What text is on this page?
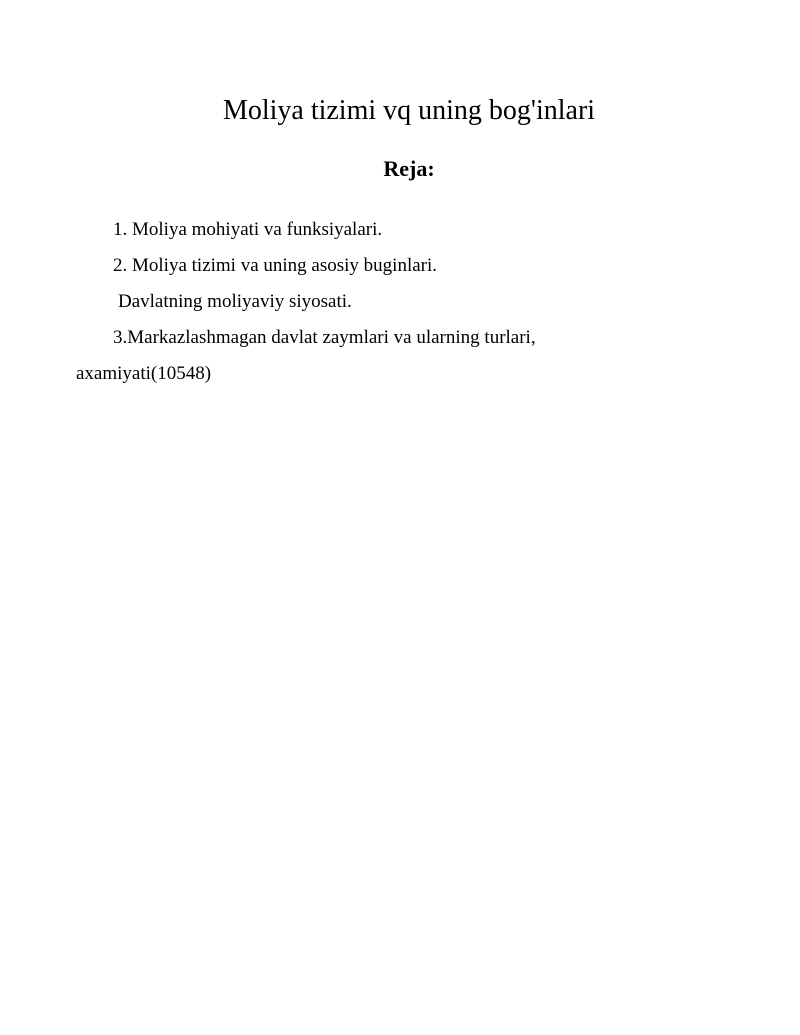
Moliya tizimi vq uning bog'inlari
Reja:

1. Moliya mohiyati va funksiyalari.

2. Moliya tizimi va uning asosiy buginlari.

Davlatning moliyaviy siyosati.

3.Markazlashmagan davlat zaymlari va ularning turlari,

axamiyati(10548)
